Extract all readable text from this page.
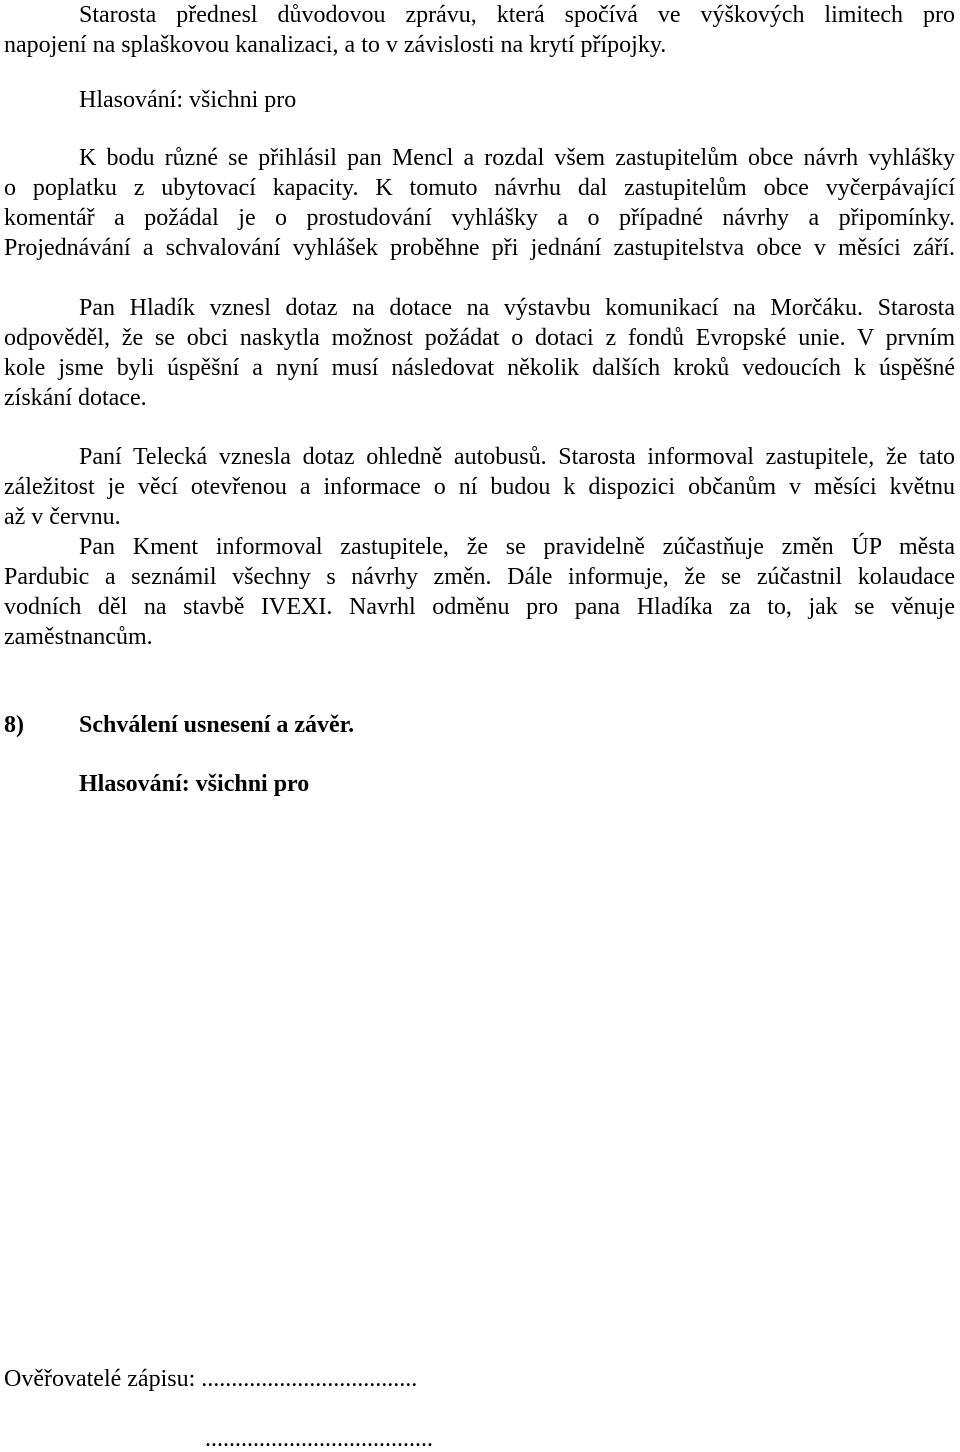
Starosta přednesl důvodovou zprávu, která spočívá ve výškových limitech pro
napojení na splaškovou kanalizaci, a to v závislosti na krytí přípojky.
Hlasování: všichni pro
K bodu různé se přihlásil pan Mencl a rozdal všem zastupitelům obce návrh vyhlášky
o poplatku z ubytovací kapacity. K tomuto návrhu dal zastupitelům obce vyčerpávající
komentář a požádal je o prostudování vyhlášky a o případné návrhy a připomínky.
Projednávání a schvalování vyhlášek proběhne při jednání zastupitelstva obce v měsíci září.
Pan Hladík vznesl dotaz na dotace na výstavbu komunikací na Morčáku. Starosta
odpověděl, že se obci naskytla možnost požádat o dotaci z fondů Evropské unie. V prvním
kole jsme byli úspěšní a nyní musí následovat několik dalších kroků vedoucích k úspěšné
získání dotace.
Paní Telecká vznesla dotaz ohledně autobusů. Starosta informoval zastupitele, že tato
záležitost je věcí otevřenou a informace o ní budou k dispozici občanům v měsíci květnu
až v červnu.
Pan Kment informoval zastupitele, že se pravidelně zúčastňuje změn ÚP města
Pardubic a seznámil všechny s návrhy změn. Dále informuje, že se zúčastnil kolaudace
vodních děl na stavbě IVEXI. Navrhl odměnu pro pana Hladíka za to, jak se věnuje
zaměstnancům.
8) Schválení usnesení a závěr.
Hlasování: všichni pro
Ověřovatelé zápisu: ....................................
......................................
